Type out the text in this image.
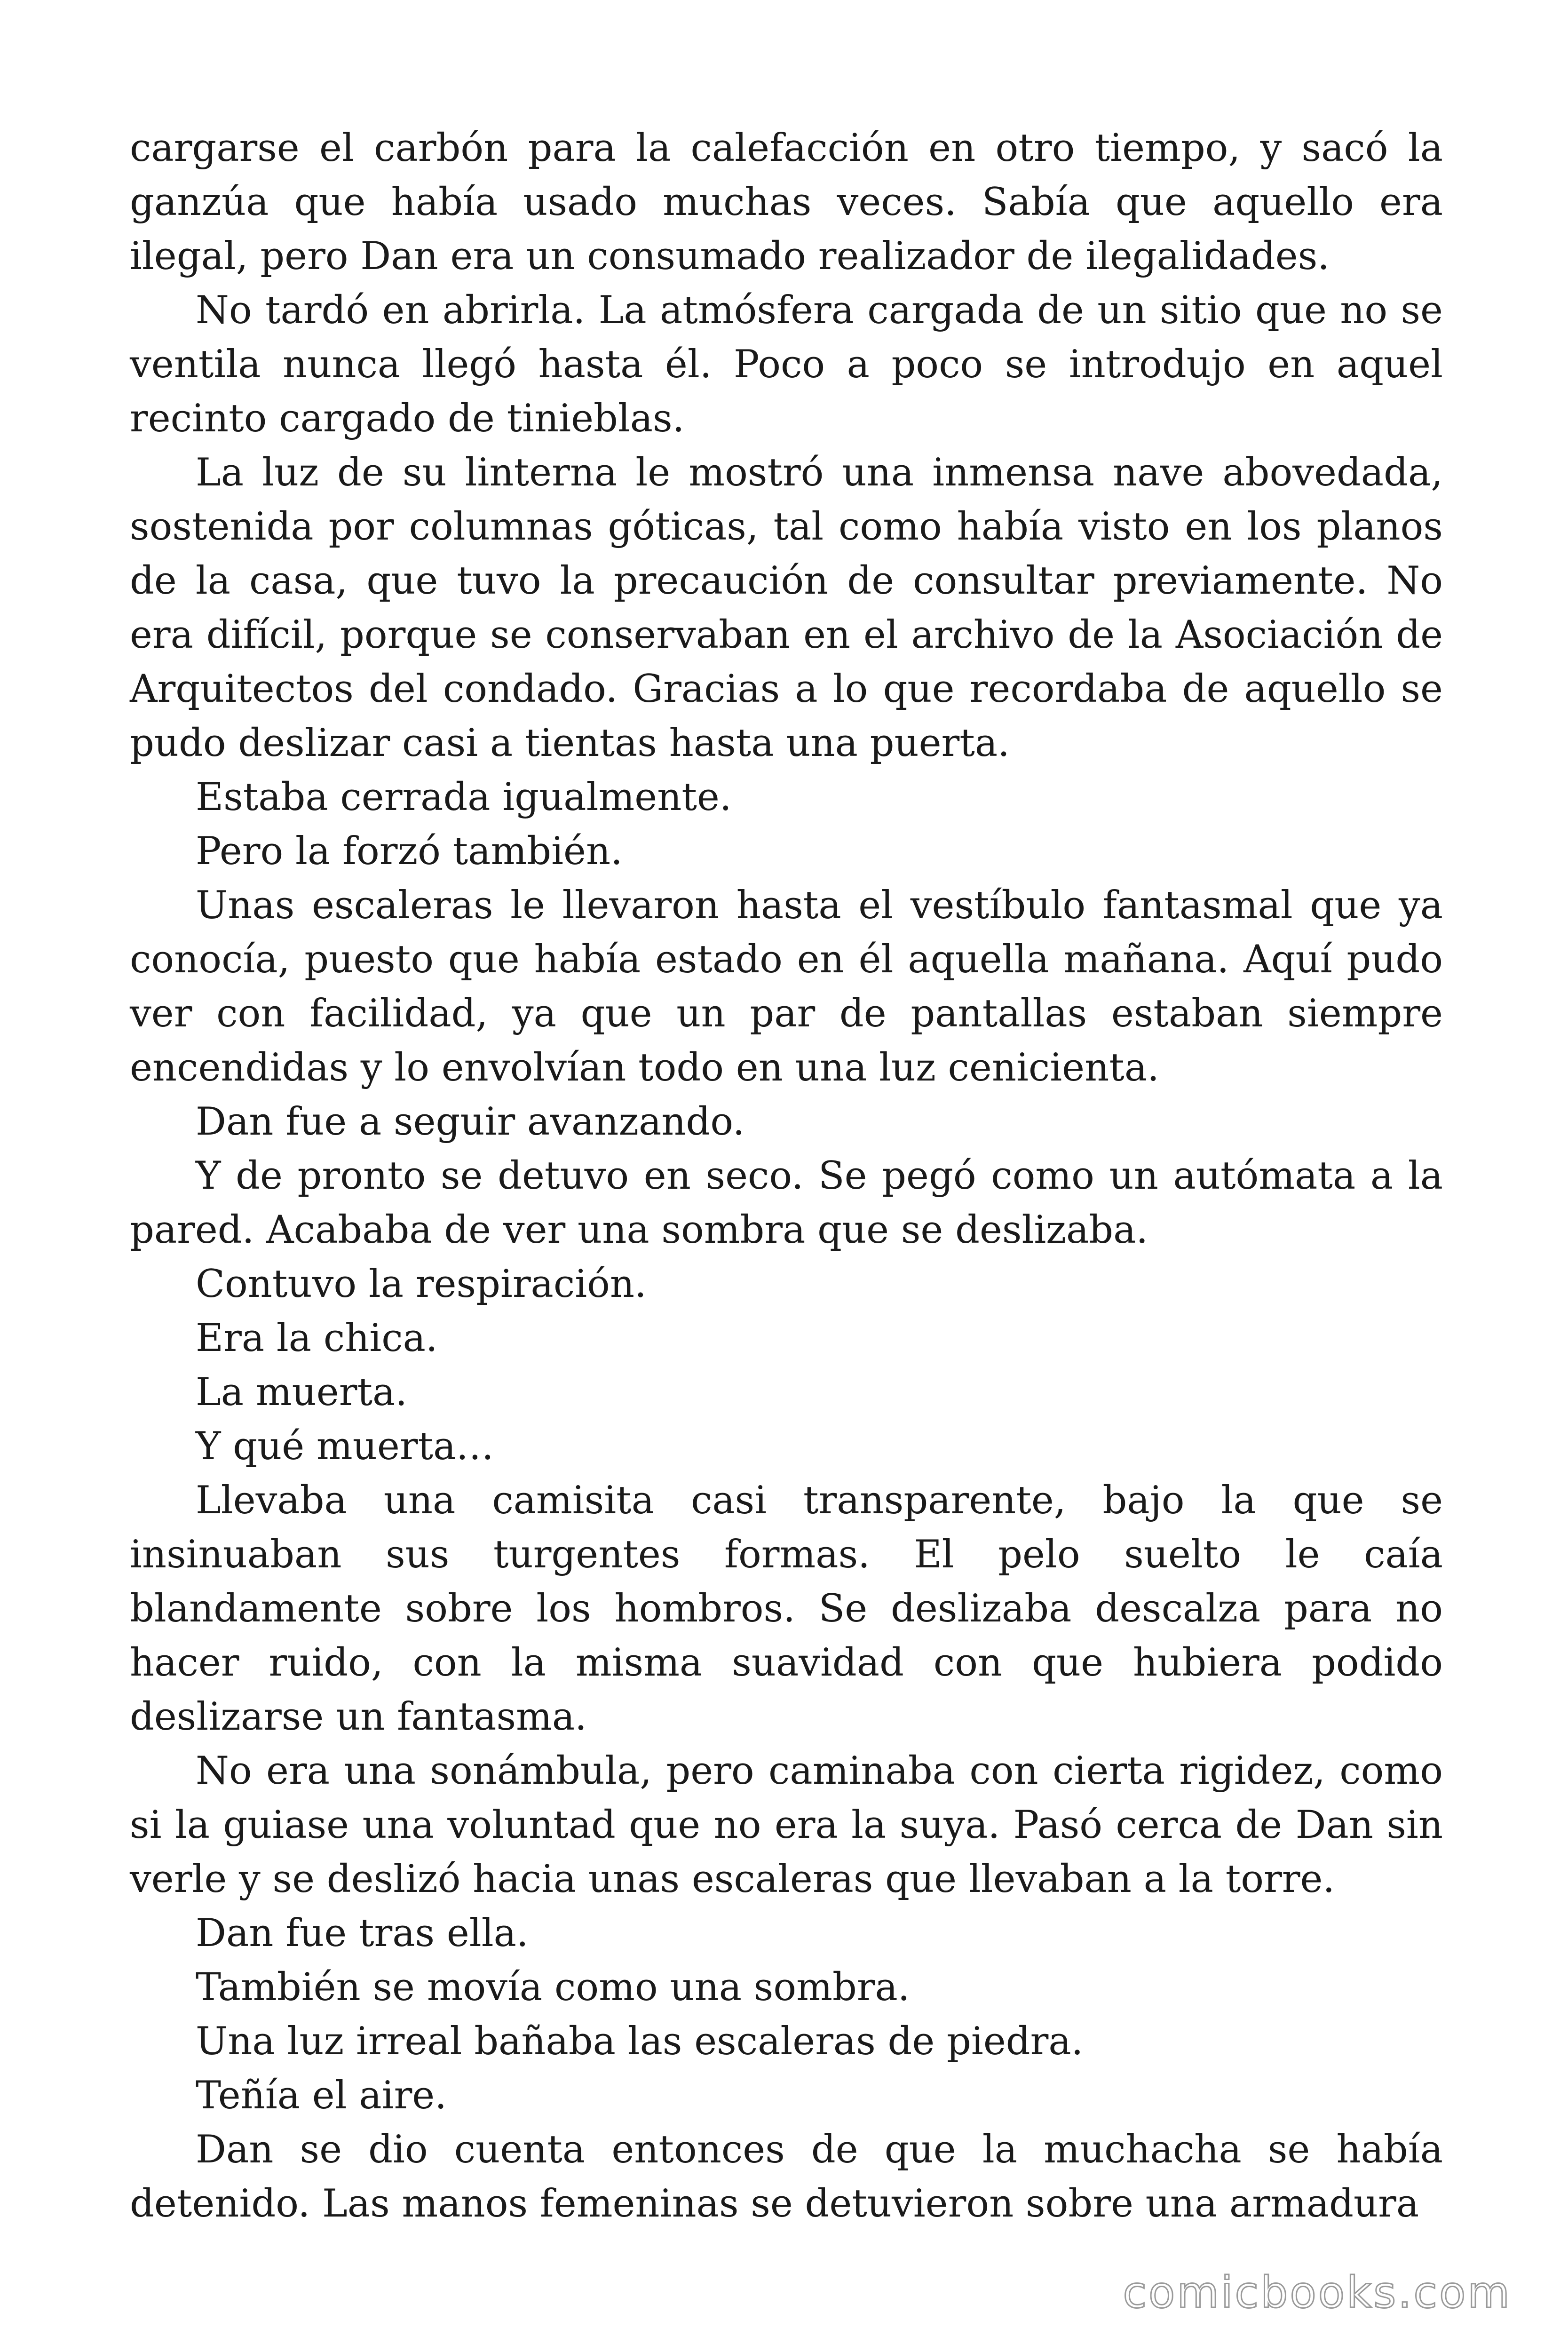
cargarse el carbón para la calefacción en otro tiempo, y sacó la ganzúa que había usado muchas veces. Sabía que aquello era ilegal, pero Dan era un consumado realizador de ilegalidades.

No tardó en abrirla. La atmósfera cargada de un sitio que no se ventila nunca llegó hasta él. Poco a poco se introdujo en aquel recinto cargado de tinieblas.

La luz de su linterna le mostró una inmensa nave abovedada, sostenida por columnas góticas, tal como había visto en los planos de la casa, que tuvo la precaución de consultar previamente. No era difícil, porque se conservaban en el archivo de la Asociación de Arquitectos del condado. Gracias a lo que recordaba de aquello se pudo deslizar casi a tientas hasta una puerta.

Estaba cerrada igualmente.

Pero la forzó también.

Unas escaleras le llevaron hasta el vestíbulo fantasmal que ya conocía, puesto que había estado en él aquella mañana. Aquí pudo ver con facilidad, ya que un par de pantallas estaban siempre encendidas y lo envolvían todo en una luz cenicienta.

Dan fue a seguir avanzando.

Y de pronto se detuvo en seco. Se pegó como un autómata a la pared. Acababa de ver una sombra que se deslizaba.

Contuvo la respiración.

Era la chica.

La muerta.

Y qué muerta…

Llevaba una camisita casi transparente, bajo la que se insinuaban sus turgentes formas. El pelo suelto le caía blandamente sobre los hombros. Se deslizaba descalza para no hacer ruido, con la misma suavidad con que hubiera podido deslizarse un fantasma.

No era una sonámbula, pero caminaba con cierta rigidez, como si la guiase una voluntad que no era la suya. Pasó cerca de Dan sin verle y se deslizó hacia unas escaleras que llevaban a la torre.

Dan fue tras ella.

También se movía como una sombra.

Una luz irreal bañaba las escaleras de piedra.

Teñía el aire.

Dan se dio cuenta entonces de que la muchacha se había detenido. Las manos femeninas se detuvieron sobre una armadura

comicbooks.com
